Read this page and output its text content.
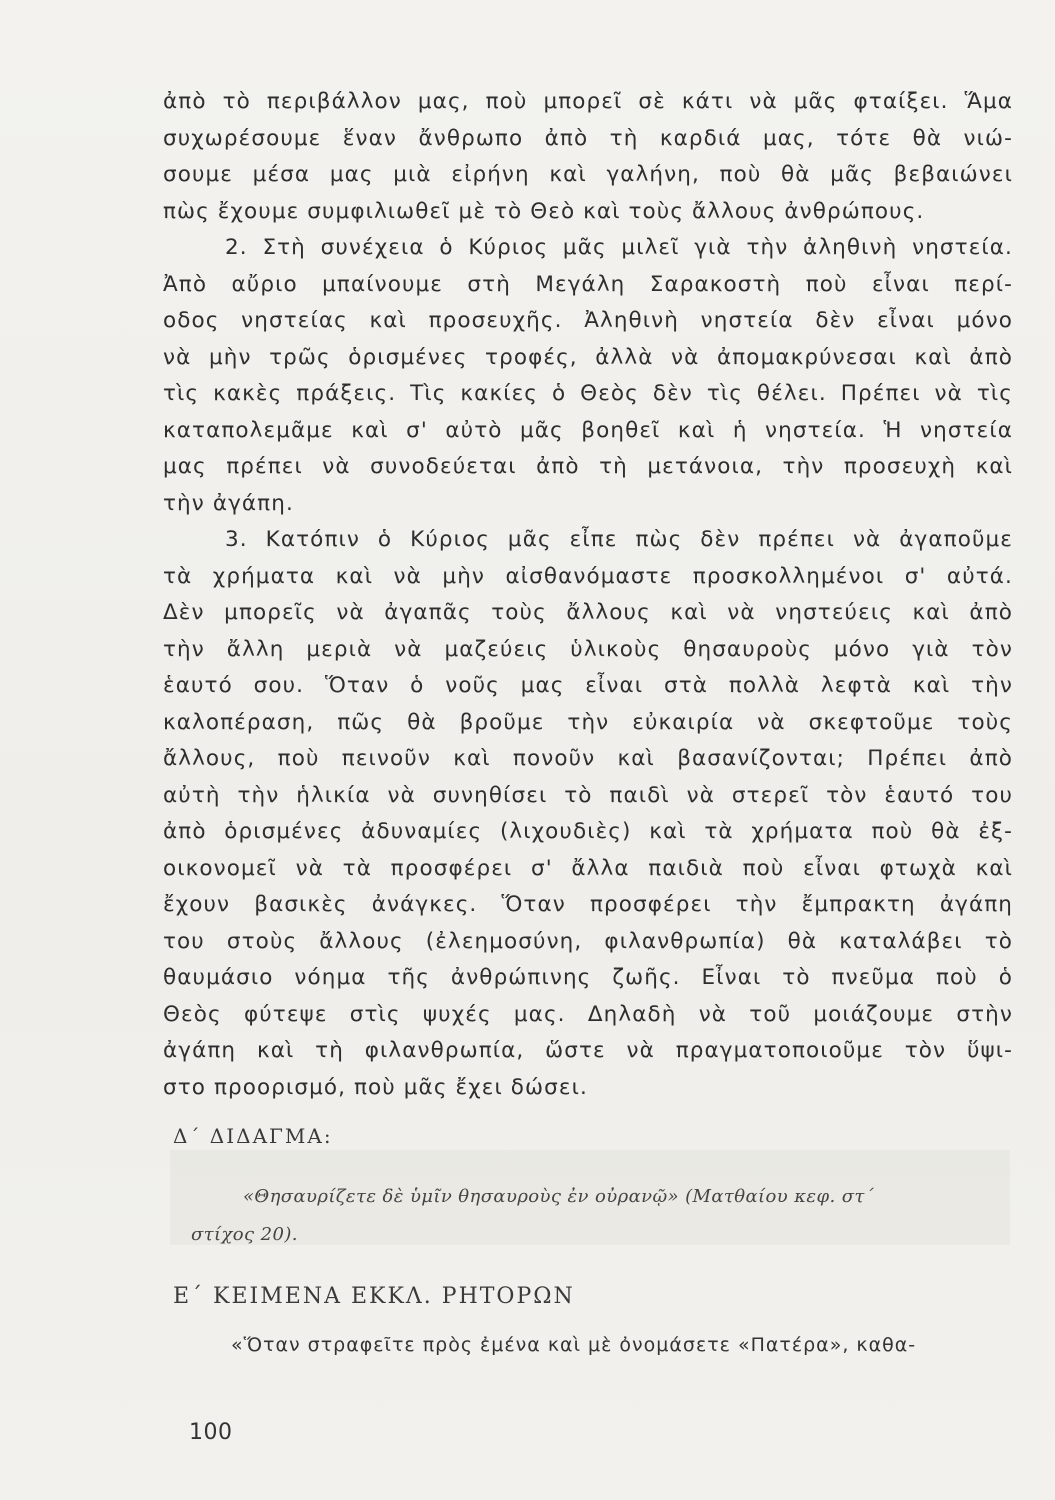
ἀπὸ τὸ περιβάλλον μας, ποὺ μπορεῖ σὲ κάτι νὰ μᾶς φταίξει. Ἅμα
συχωρέσουμε ἕναν ἄνθρωπο ἀπὸ τὴ καρδιά μας, τότε θὰ νιώ-
σουμε μέσα μας μιὰ εἰρήνη καὶ γαλήνη, ποὺ θὰ μᾶς βεβαιώνει
πὼς ἔχουμε συμφιλιωθεῖ μὲ τὸ Θεὸ καὶ τοὺς ἄλλους ἀνθρώπους.
2. Στὴ συνέχεια ὁ Κύριος μᾶς μιλεῖ γιὰ τὴν ἀληθινὴ νηστεία.
Ἀπὸ αὔριο μπαίνουμε στὴ Μεγάλη Σαρακοστὴ ποὺ εἶναι περί-
οδος νηστείας καὶ προσευχῆς. Ἀληθινὴ νηστεία δὲν εἶναι μόνο
νὰ μὴν τρῶς ὁρισμένες τροφές, ἀλλὰ νὰ ἀπομακρύνεσαι καὶ ἀπὸ
τὶς κακὲς πράξεις. Τὶς κακίες ὁ Θεὸς δὲν τὶς θέλει. Πρέπει νὰ τὶς
καταπολεμᾶμε καὶ σ' αὐτὸ μᾶς βοηθεῖ καὶ ἡ νηστεία. Ἡ νηστεία
μας πρέπει νὰ συνοδεύεται ἀπὸ τὴ μετάνοια, τὴν προσευχὴ καὶ
τὴν ἀγάπη.
3. Κατόπιν ὁ Κύριος μᾶς εἶπε πὼς δὲν πρέπει νὰ ἀγαποῦμε
τὰ χρήματα καὶ νὰ μὴν αἰσθανόμαστε προσκολλημένοι σ' αὐτά.
Δὲν μπορεῖς νὰ ἀγαπᾶς τοὺς ἄλλους καὶ νὰ νηστεύεις καὶ ἀπὸ
τὴν ἄλλη μεριὰ νὰ μαζεύεις ὑλικοὺς θησαυροὺς μόνο γιὰ τὸν
ἑαυτό σου. Ὅταν ὁ νοῦς μας εἶναι στὰ πολλὰ λεφτὰ καὶ τὴν
καλοπέραση, πῶς θὰ βροῦμε τὴν εὐκαιρία νὰ σκεφτοῦμε τοὺς
ἄλλους, ποὺ πεινοῦν καὶ πονοῦν καὶ βασανίζονται; Πρέπει ἀπὸ
αὐτὴ τὴν ἡλικία νὰ συνηθίσει τὸ παιδὶ νὰ στερεῖ τὸν ἑαυτό του
ἀπὸ ὁρισμένες ἀδυναμίες (λιχουδιὲς) καὶ τὰ χρήματα ποὺ θὰ ἐξ-
οικονομεῖ νὰ τὰ προσφέρει σ' ἄλλα παιδιὰ ποὺ εἶναι φτωχὰ καὶ
ἔχουν βασικὲς ἀνάγκες. Ὅταν προσφέρει τὴν ἔμπρακτη ἀγάπη
του στοὺς ἄλλους (ἐλεημοσύνη, φιλανθρωπία) θὰ καταλάβει τὸ
θαυμάσιο νόημα τῆς ἀνθρώπινης ζωῆς. Εἶναι τὸ πνεῦμα ποὺ ὁ
Θεὸς φύτεψε στὶς ψυχές μας. Δηλαδὴ νὰ τοῦ μοιάζουμε στὴν
ἀγάπη καὶ τὴ φιλανθρωπία, ὥστε νὰ πραγματοποιοῦμε τὸν ὕψι-
στο προορισμό, ποὺ μᾶς ἔχει δώσει.
Δ΄ ΔΙΔΑΓΜΑ:
«Θησαυρίζετε δὲ ὑμῖν θησαυροὺς ἐν οὐρανῷ» (Ματθαίου κεφ. στ΄
στίχος 20).
Ε΄ ΚΕΙΜΕΝΑ ΕΚΚΛ. ΡΗΤΟΡΩΝ
«Ὅταν στραφεῖτε πρὸς ἐμένα καὶ μὲ ὀνομάσετε «Πατέρα», καθα-
100
